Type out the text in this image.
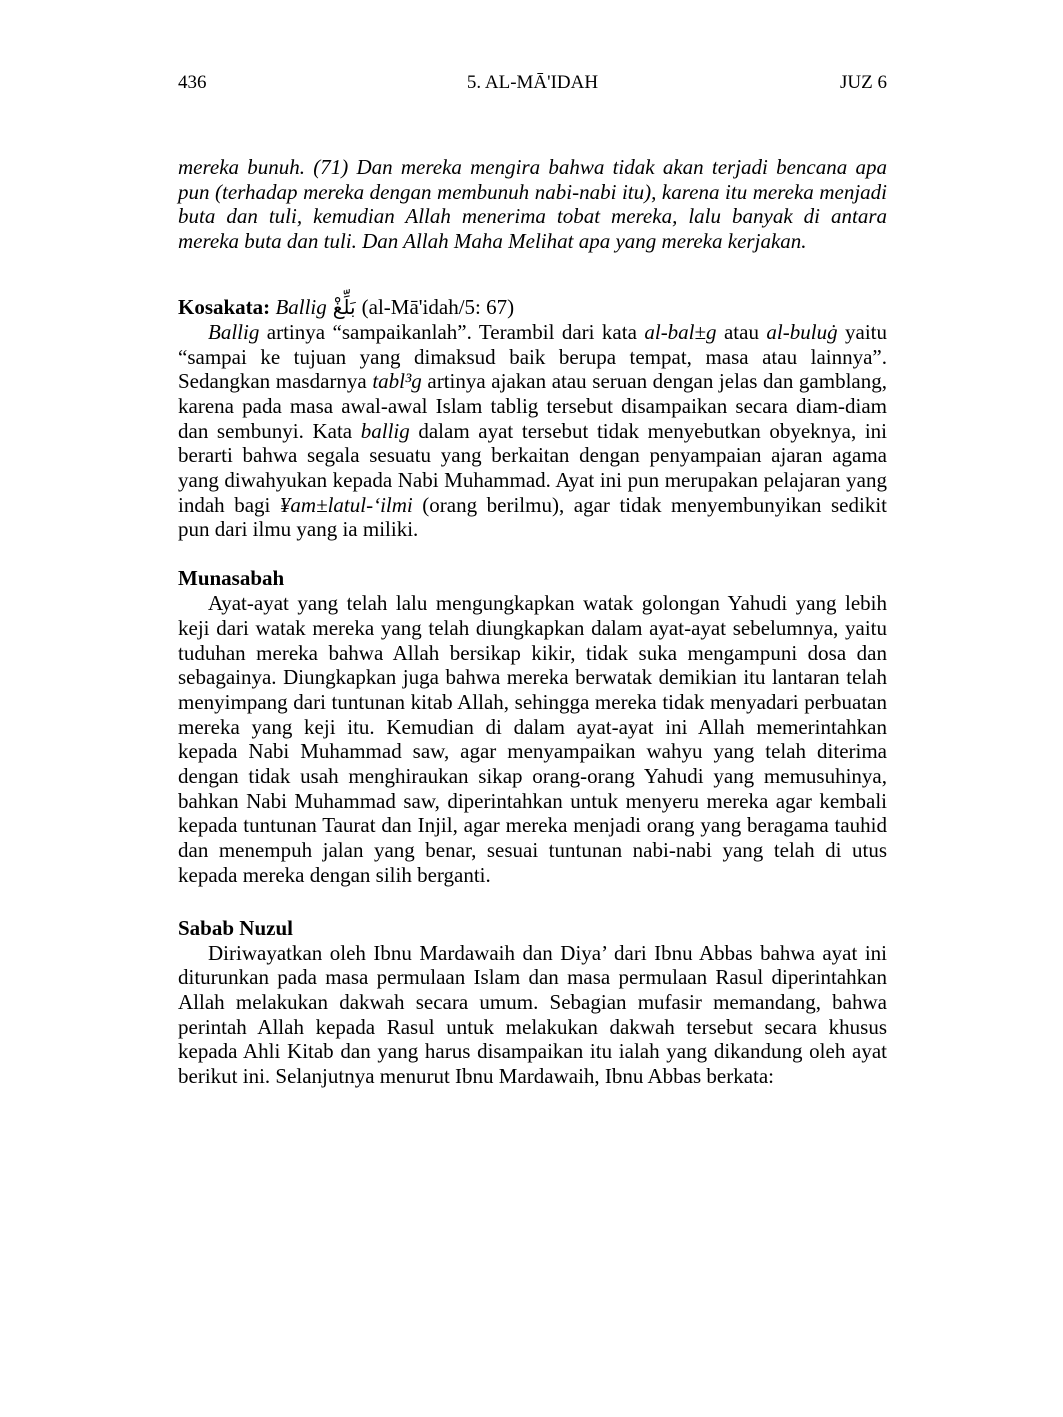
5. AL-MĀ'IDAH
436	JUZ 6

mereka bunuh. (71) Dan mereka mengira bahwa tidak akan terjadi bencana apa pun (terhadap mereka dengan membunuh nabi-nabi itu), karena itu mereka menjadi buta dan tuli, kemudian Allah menerima tobat mereka, lalu banyak di antara mereka buta dan tuli. Dan Allah Maha Melihat apa yang mereka kerjakan.

Kosakata: Ballig بَلِّغْ (al-Mā'idah/5: 67)

Ballig artinya “sampaikanlah”. Terambil dari kata al-bal±g atau al-buluġ yaitu “sampai ke tujuan yang dimaksud baik berupa tempat, masa atau lainnya”. Sedangkan masdarnya tabl³g artinya ajakan atau seruan dengan jelas dan gamblang, karena pada masa awal-awal Islam tablig tersebut disampaikan secara diam-diam dan sembunyi. Kata ballig dalam ayat tersebut tidak menyebutkan obyeknya, ini berarti bahwa segala sesuatu yang berkaitan dengan penyampaian ajaran agama yang diwahyukan kepada Nabi Muhammad. Ayat ini pun merupakan pelajaran yang indah bagi ¥am±latul-‘ilmi (orang berilmu), agar tidak menyembunyikan sedikit pun dari ilmu yang ia miliki.

Munasabah

Ayat-ayat yang telah lalu mengungkapkan watak golongan Yahudi yang lebih keji dari watak mereka yang telah diungkapkan dalam ayat-ayat sebelumnya, yaitu tuduhan mereka bahwa Allah bersikap kikir, tidak suka mengampuni dosa dan sebagainya. Diungkapkan juga bahwa mereka berwatak demikian itu lantaran telah menyimpang dari tuntunan kitab Allah, sehingga mereka tidak menyadari perbuatan mereka yang keji itu. Kemudian di dalam ayat-ayat ini Allah memerintahkan kepada Nabi Muhammad saw, agar menyampaikan wahyu yang telah diterima dengan tidak usah menghiraukan sikap orang-orang Yahudi yang memusuhinya, bahkan Nabi Muhammad saw, diperintahkan untuk menyeru mereka agar kembali kepada tuntunan Taurat dan Injil, agar mereka menjadi orang yang beragama tauhid dan menempuh jalan yang benar, sesuai tuntunan nabi-nabi yang telah di utus kepada mereka dengan silih berganti.

Sabab Nuzul

Diriwayatkan oleh Ibnu Mardawaih dan Diya’ dari Ibnu Abbas bahwa ayat ini diturunkan pada masa permulaan Islam dan masa permulaan Rasul diperintahkan Allah melakukan dakwah secara umum. Sebagian mufasir memandang, bahwa perintah Allah kepada Rasul untuk melakukan dakwah tersebut secara khusus kepada Ahli Kitab dan yang harus disampaikan itu ialah yang dikandung oleh ayat berikut ini. Selanjutnya menurut Ibnu Mardawaih, Ibnu Abbas berkata:
